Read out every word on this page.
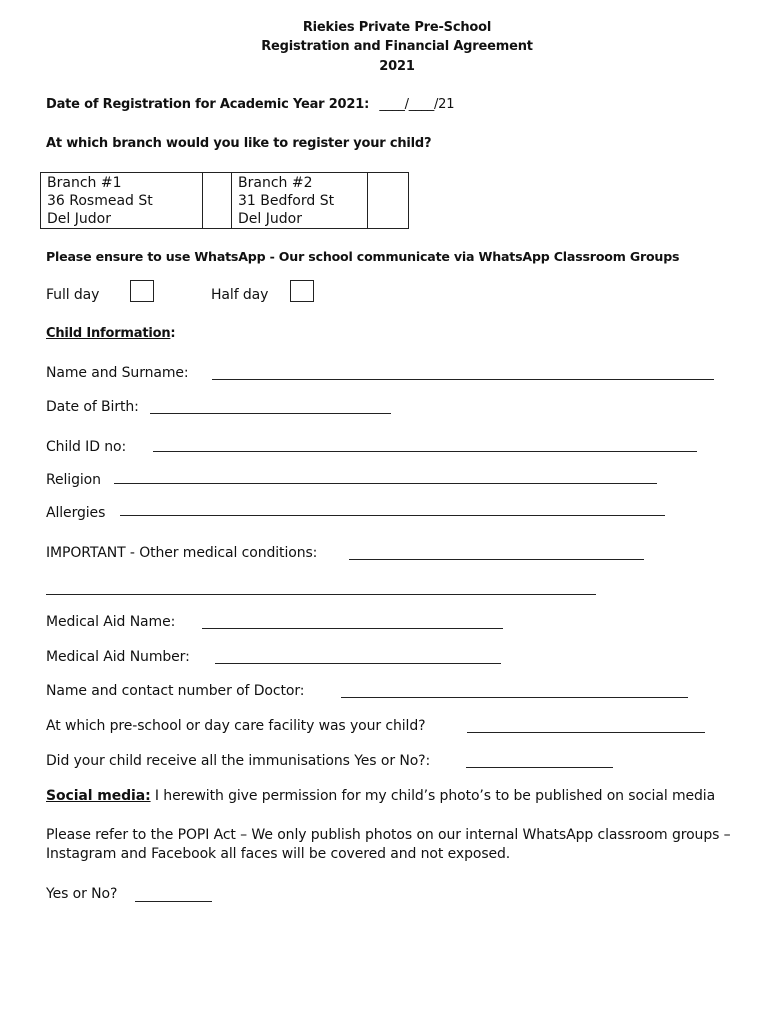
Riekies Private Pre-School
Registration and Financial Agreement
2021
Date of Registration for Academic Year 2021: ____/____/21
At which branch would you like to register your child?
Branch #1
36 Rosmead St
Del Judor

Branch #2
31 Bedford St
Del Judor

Please ensure to use WhatsApp - Our school communicate via WhatsApp Classroom Groups
Full day	Half day
Child Information:
Name and Surname:
Date of Birth:
Child ID no:
Religion
Allergies
IMPORTANT - Other medical conditions:
Medical Aid Name:
Medical Aid Number:
Name and contact number of Doctor:
At which pre-school or day care facility was your child?
Did your child receive all the immunisations Yes or No?:
Social media: I herewith give permission for my child’s photo’s to be published on social media
Please refer to the POPI Act – We only publish photos on our internal WhatsApp classroom groups – Instagram and Facebook all faces will be covered and not exposed.
Yes or No?
